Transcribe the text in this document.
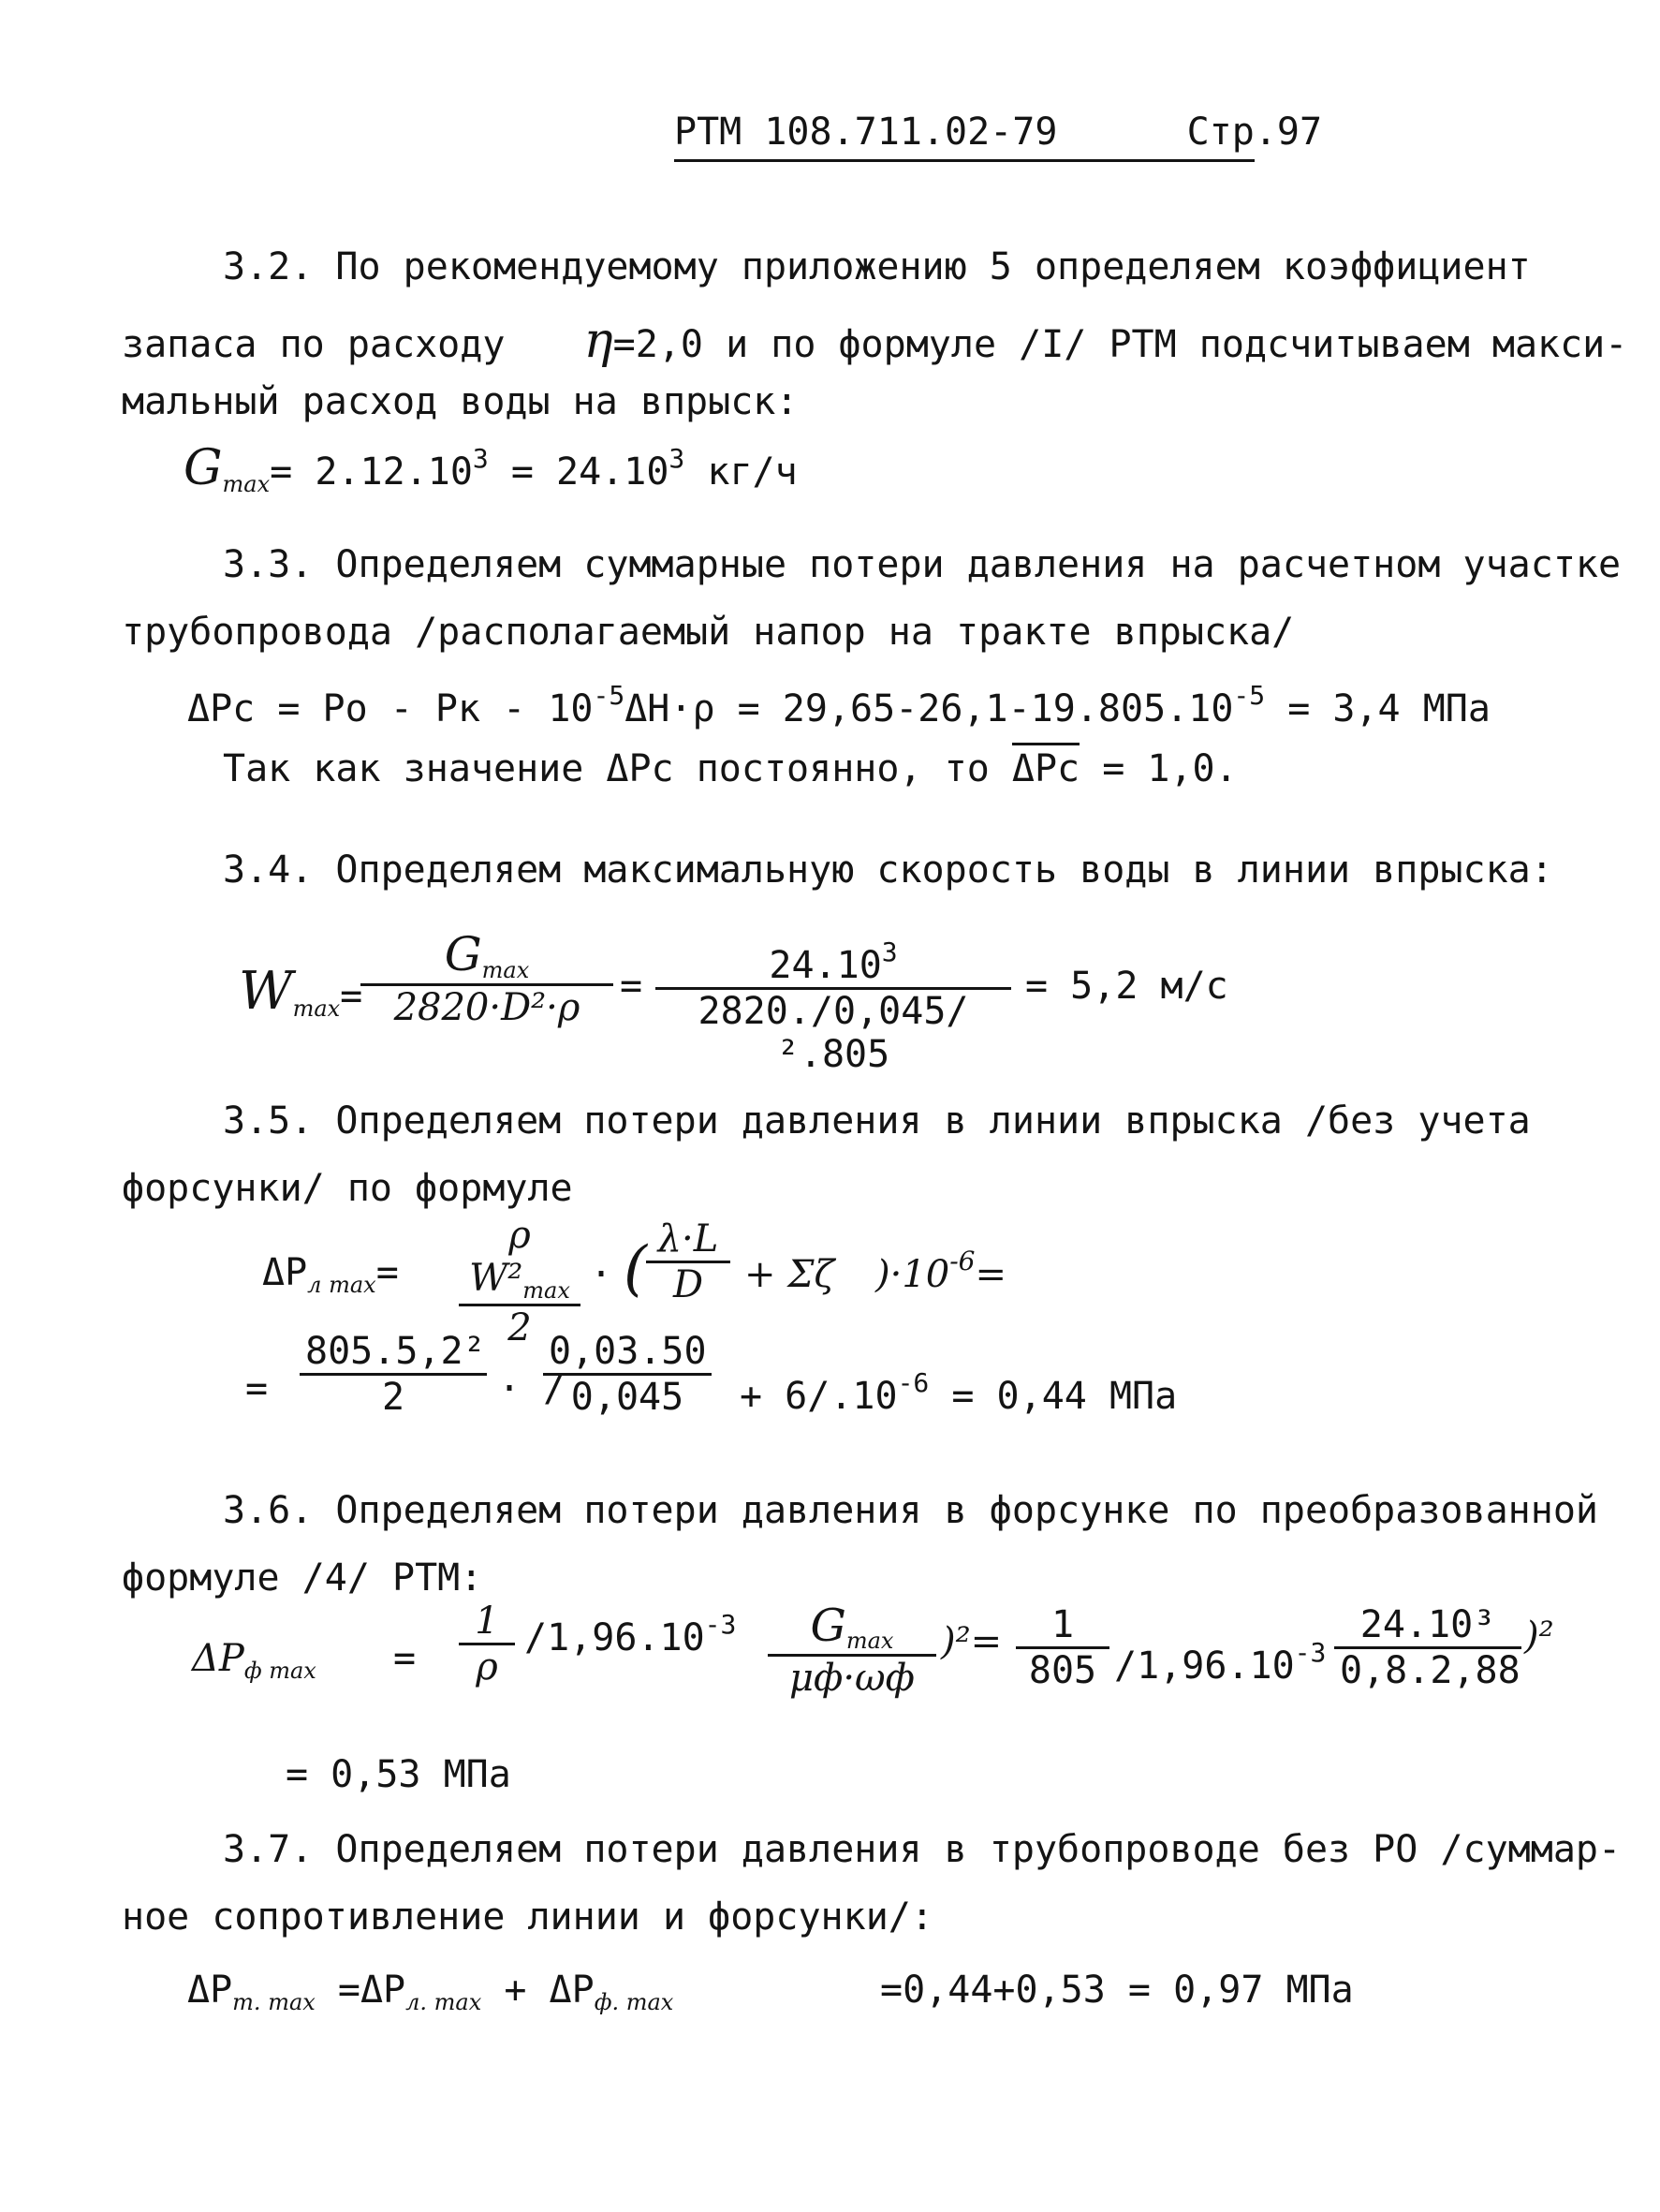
РТМ 108.711.02-79	Стр.97
3.2. По рекомендуемому приложению 5 определяем коэффициент
запаса по расходу η=2,0 и по формуле /I/ РТМ подсчитываем макси-
мальный расход воды на впрыск:
$G_{max}= 2.12.10^3 = 24.10^3$ кг/ч
3.3. Определяем суммарные потери давления на расчетном участке
трубопровода /располагаемый напор на тракте впрыска/
ΔPc = Po - Pк - $10^{-5}\Delta H\cdot\rho = 29,65-26,1-19.805.10^{-5} = 3,4$ МПа
Так как значение ΔPc постоянно, то ΔPc = 1,0.
3.4. Определяем максимальную скорость воды в линии впрыска:
$W_{max}=$
$G_{max}$
2820·D²·ρ	=	$24.10^3$
2820./0,045/².805
= 5,2 м/с
3.5. Определяем потери давления в линии впрыска /без учета
форсунки/ по формуле
$\Delta P_{л max}=$
ρ $W^2_{max}$
2
· ( λ·L
D	+ Σζ )$\cdot 10^{-6}=$
=
805.5,2²
2	· /
0,03.50
0,045	+ $6/.10^{-6} = 0,44$ МПа
3.6. Определяем потери давления в форсунке по преобразованной
формуле /4/ РТМ:
$\Delta P_{ф max}$ =
1
ρ
$/1,96.10^{-3}$	$G_{max}$
μф·ωф
)²=	1
805 $/1,96.10^{-3}$
24.10³
0,8.2,88
)²
= 0,53 МПа
3.7. Определяем потери давления в трубопроводе без РО /суммар-
ное сопротивление линии и форсунки/:
$\Delta P_{т. max} =\Delta P_{л. max} + \Delta P_{ф. max}$	=0,44+0,53 = 0,97 МПа
